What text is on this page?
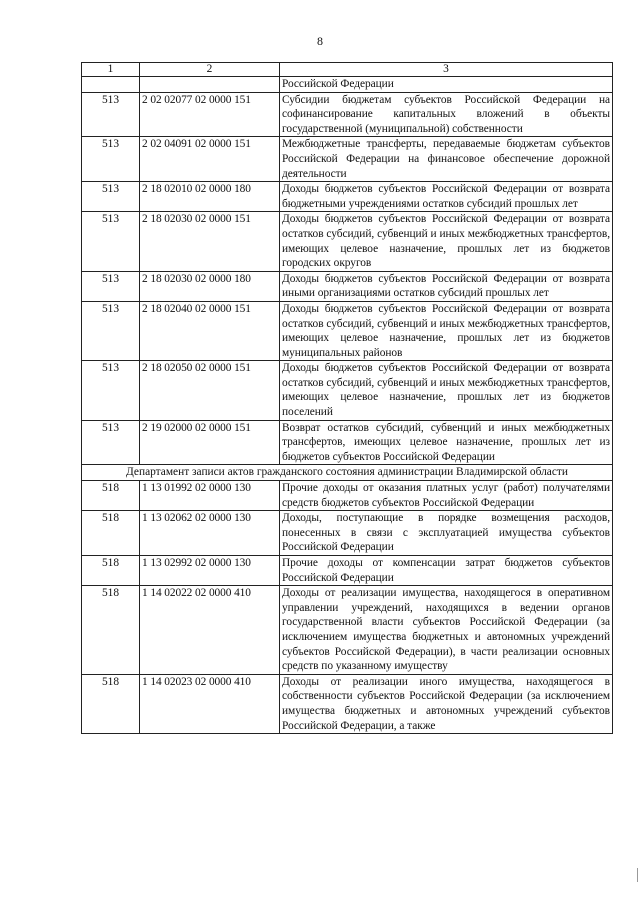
8
1	2	3
		Российской Федерации
513	2 02 02077 02 0000 151	Субсидии бюджетам субъектов Российской Федерации на софинансирование капитальных вложений в объекты государственной (муниципальной) собственности
513	2 02 04091 02 0000 151	Межбюджетные трансферты, передаваемые бюджетам субъектов Российской Федерации на финансовое обеспечение дорожной деятельности
513	2 18 02010 02 0000 180	Доходы бюджетов субъектов Российской Федерации от возврата бюджетными учреждениями остатков субсидий прошлых лет
513	2 18 02030 02 0000 151	Доходы бюджетов субъектов Российской Федерации от возврата остатков субсидий, субвенций и иных межбюджетных трансфертов, имеющих целевое назначение, прошлых лет из бюджетов городских округов
513	2 18 02030 02 0000 180	Доходы бюджетов субъектов Российской Федерации от возврата иными организациями остатков субсидий прошлых лет
513	2 18 02040 02 0000 151	Доходы бюджетов субъектов Российской Федерации от возврата остатков субсидий, субвенций и иных межбюджетных трансфертов, имеющих целевое назначение, прошлых лет из бюджетов муниципальных районов
513	2 18 02050 02 0000 151	Доходы бюджетов субъектов Российской Федерации от возврата остатков субсидий, субвенций и иных межбюджетных трансфертов, имеющих целевое назначение, прошлых лет из бюджетов поселений
513	2 19 02000 02 0000 151	Возврат остатков субсидий, субвенций и иных межбюджетных трансфертов, имеющих целевое назначение, прошлых лет из бюджетов субъектов Российской Федерации
Департамент записи актов гражданского состояния администрации Владимирской области		
518	1 13 01992 02 0000 130	Прочие доходы от оказания платных услуг (работ) получателями средств бюджетов субъектов Российской Федерации
518	1 13 02062 02 0000 130	Доходы, поступающие в порядке возмещения расходов, понесенных в связи с эксплуатацией имущества субъектов Российской Федерации
518	1 13 02992 02 0000 130	Прочие доходы от компенсации затрат бюджетов субъектов Российской Федерации
518	1 14 02022 02 0000 410	Доходы от реализации имущества, находящегося в оперативном управлении учреждений, находящихся в ведении органов государственной власти субъектов Российской Федерации (за исключением имущества бюджетных и автономных учреждений субъектов Российской Федерации), в части реализации основных средств по указанному имуществу
518	1 14 02023 02 0000 410	Доходы от реализации иного имущества, находящегося в собственности субъектов Российской Федерации (за исключением имущества бюджетных и автономных учреждений субъектов Российской Федерации, а также
